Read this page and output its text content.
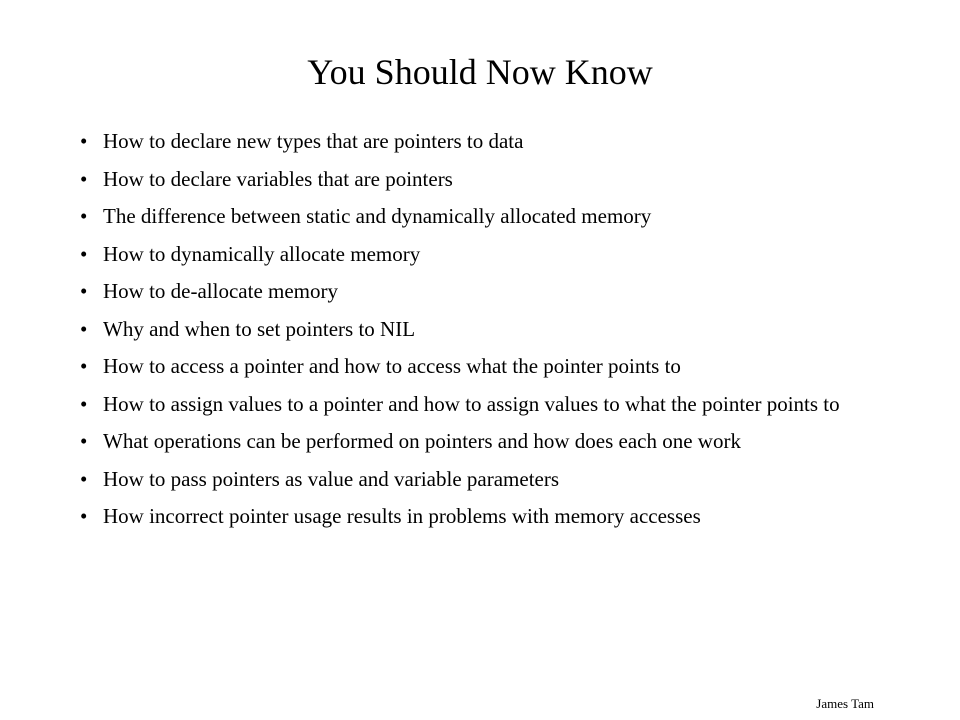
You Should Now Know
• How to declare new types that are pointers to data
• How to declare variables that are pointers
• The difference between static and dynamically allocated memory
• How to dynamically allocate memory
• How to de-allocate memory
• Why and when to set pointers to NIL
• How to access a pointer and how to access what the pointer points to
• How to assign values to a pointer and how to assign values to what the pointer points to
• What operations can be performed on pointers and how does each one work
• How to pass pointers as value and variable parameters
• How incorrect pointer usage results in problems with memory accesses
James Tam
